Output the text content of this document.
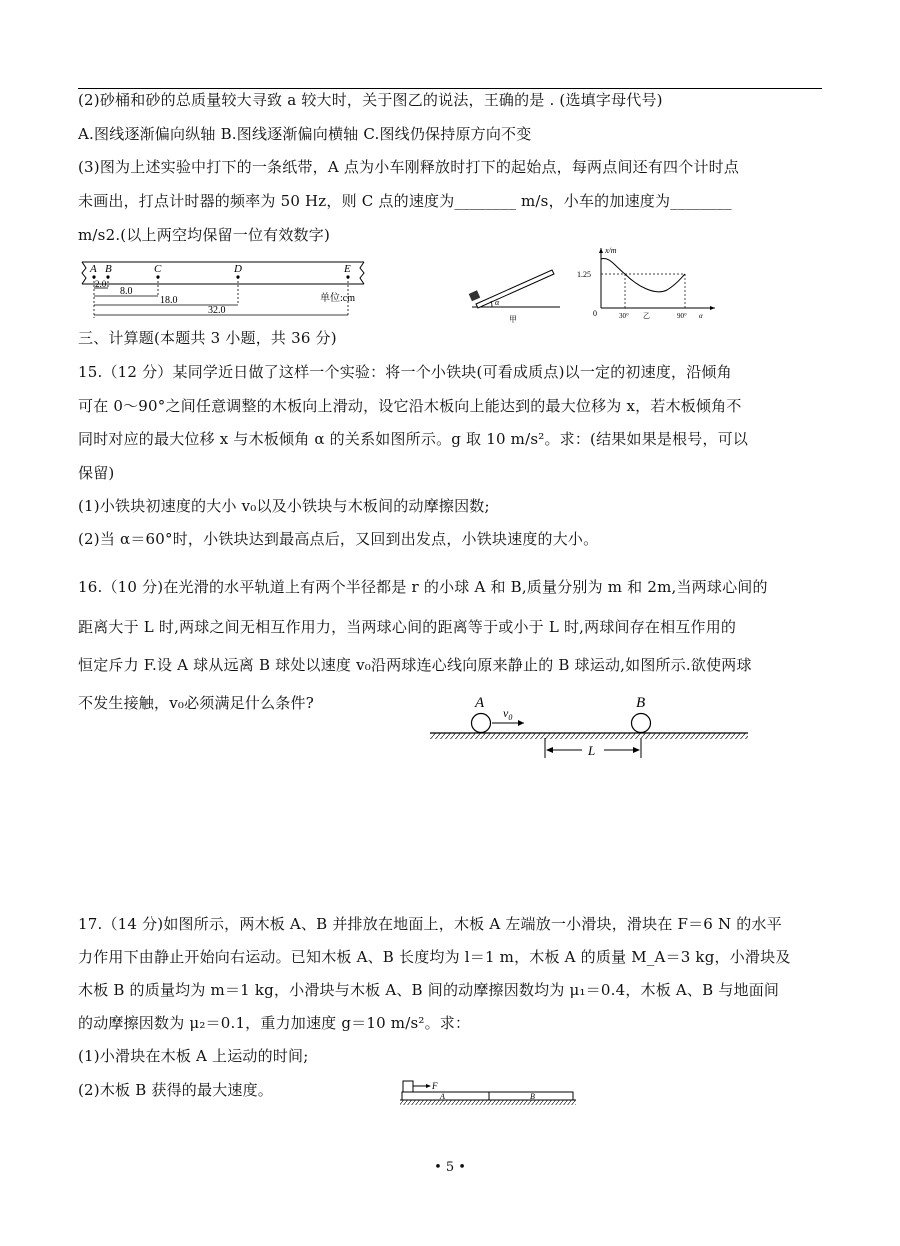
(2)砂桶和砂的总质量较大寻致 a 较大时，关于图乙的说法，王确的是 . (选填字母代号)
A.图线逐渐偏向纵轴 B.图线逐渐偏向横轴 C.图线仍保持原方向不变
(3)图为上述实验中打下的一条纸带，A 点为小车刚释放时打下的起始点，每两点间还有四个计时点
未画出，打点计时器的频率为 50 Hz，则 C 点的速度为________ m/s，小车的加速度为________
m/s2.(以上两空均保留一位有效数字)
A B	C	D	E
2.0
8.0
18.0
32.0
单位:cm	α
甲
x/m
1.25
0	30°	90° α
乙
三、计算题(本题共 3 小题，共 36 分)
15.（12 分）某同学近日做了这样一个实验：将一个小铁块(可看成质点)以一定的初速度，沿倾角
可在 0～90°之间任意调整的木板向上滑动，设它沿木板向上能达到的最大位移为 x，若木板倾角不
同时对应的最大位移 x 与木板倾角 α 的关系如图所示。g 取 10 m/s²。求：(结果如果是根号，可以
保留)
(1)小铁块初速度的大小 v₀以及小铁块与木板间的动摩擦因数;
(2)当 α＝60°时，小铁块达到最高点后，又回到出发点，小铁块速度的大小。
16.（10 分)在光滑的水平轨道上有两个半径都是 r 的小球 A 和 B,质量分别为 m 和 2m,当两球心间的
距离大于 L 时,两球之间无相互作用力，当两球心间的距离等于或小于 L 时,两球间存在相互作用的
恒定斥力 F.设 A 球从远离 B 球处以速度 v₀沿两球连心线向原来静止的 B 球运动,如图所示.欲使两球
不发生接触，v₀必须满足什么条件?	A	B
$v_0$
L
17.（14 分)如图所示，两木板 A、B 并排放在地面上，木板 A 左端放一小滑块，滑块在 F＝6 N 的水平
力作用下由静止开始向右运动。已知木板 A、B 长度均为 l＝1 m，木板 A 的质量 M_A＝3 kg，小滑块及
木板 B 的质量均为 m＝1 kg，小滑块与木板 A、B 间的动摩擦因数均为 μ₁＝0.4，木板 A、B 与地面间
的动摩擦因数为 μ₂＝0.1，重力加速度 g＝10 m/s²。求：
(1)小滑块在木板 A 上运动的时间;
(2)木板 B 获得的最大速度。	F
A	B
• 5 •
